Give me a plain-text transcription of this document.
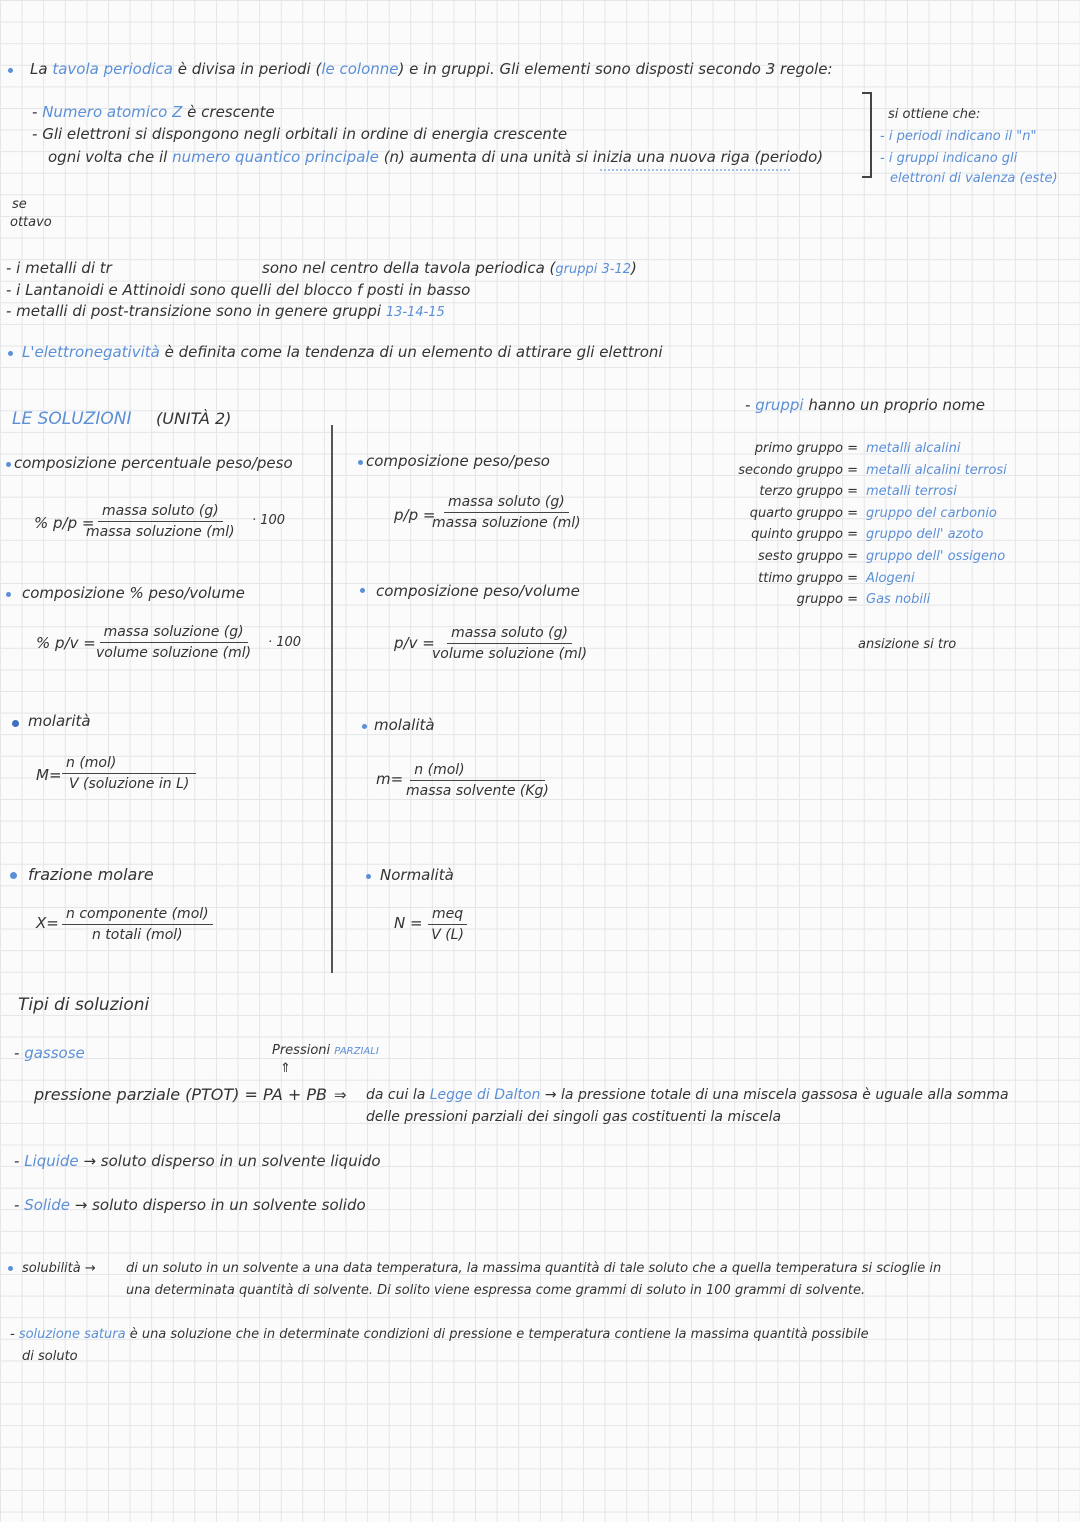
La tavola periodica è divisa in periodi (le colonne) e in gruppi. Gli elementi sono disposti secondo 3 regole:
- Numero atomico Z è crescente
- Gli elettroni si dispongono negli orbitali in ordine di energia crescente
ogni volta che il numero quantico principale (n) aumenta di una unità si inizia una nuova riga (periodo)
si ottiene che:
- i periodi indicano il "n"
- i gruppi indicano gli
elettroni di valenza (este)
se
ottavo
- i metalli di tr	sono nel centro della tavola periodica (gruppi 3-12)
- i Lantanoidi e Attinoidi sono quelli del blocco f posti in basso
- metalli di post-transizione sono in genere gruppi 13-14-15
L'elettronegatività è definita come la tendenza di un elemento di attirare gli elettroni
- gruppi hanno un proprio nome
primo gruppo = metalli alcalini
secondo gruppo = metalli alcalini terrosi
terzo gruppo = metalli terrosi
quarto gruppo = gruppo del carbonio
quinto gruppo = gruppo dell' azoto
sesto gruppo = gruppo dell' ossigeno
ttimo gruppo = Alogeni
gruppo = Gas nobili
ansizione si tro
LE SOLUZIONI (UNITÀ 2)
composizione percentuale peso/peso
% p/p =
massa soluto (g)
massa soluzione (ml)
· 100
composizione % peso/volume
% p/v =
massa soluzione (g)
volume soluzione (ml)
· 100
molarità
M=
n (mol)
V (soluzione in L)
frazione molare
X= n componente (mol)
n totali (mol)
composizione peso/peso
p/p =
massa soluto (g)
massa soluzione (ml)
composizione peso/volume
p/v =
massa soluto (g)
volume soluzione (ml)
molalità
m= n (mol)
massa solvente (Kg)
Normalità
N = meq
V (L)
Tipi di soluzioni
- gassose	Pressioni PARZIALI
⇑
pressione parziale (PTOT) = PA + PB ⇒ da cui la Legge di Dalton → la pressione totale di una miscela gassosa è uguale alla somma
delle pressioni parziali dei singoli gas costituenti la miscela
- Liquide → soluto disperso in un solvente liquido
- Solide → soluto disperso in un solvente solido
solubilità → di un soluto in un solvente a una data temperatura, la massima quantità di tale soluto che a quella temperatura si scioglie in
una determinata quantità di solvente. Di solito viene espressa come grammi di soluto in 100 grammi di solvente.
- soluzione satura è una soluzione che in determinate condizioni di pressione e temperatura contiene la massima quantità possibile
di soluto
